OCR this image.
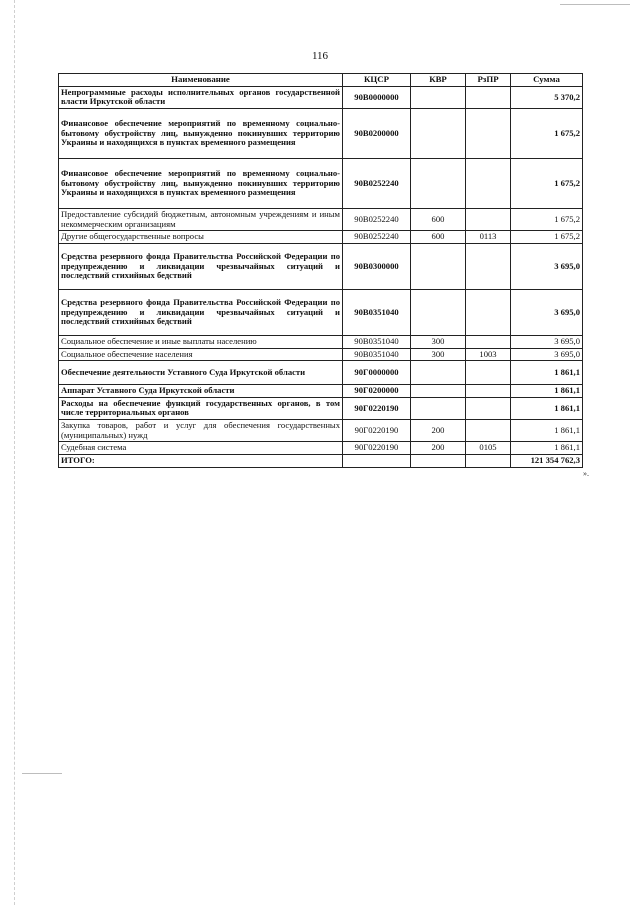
116
Наименование	КЦСР	КВР	РзПР	Сумма
Непрограммные расходы исполнительных органов государственной власти Иркутской области	90В0000000			5 370,2
Финансовое обеспечение мероприятий по временному социально-бытовому обустройству лиц, вынужденно покинувших территорию Украины и находящихся в пунктах временного размещения	90В0200000			1 675,2
Финансовое обеспечение мероприятий по временному социально-бытовому обустройству лиц, вынужденно покинувших территорию Украины и находящихся в пунктах временного размещения	90В0252240			1 675,2
Предоставление субсидий бюджетным, автономным учреждениям и иным некоммерческим организациям	90В0252240	600		1 675,2
Другие общегосударственные вопросы	90В0252240	600	0113	1 675,2
Средства резервного фонда Правительства Российской Федерации по предупреждению и ликвидации чрезвычайных ситуаций и последствий стихийных бедствий	90В0300000			3 695,0
Средства резервного фонда Правительства Российской Федерации по предупреждению и ликвидации чрезвычайных ситуаций и последствий стихийных бедствий	90В0351040			3 695,0
Социальное обеспечение и иные выплаты населению	90В0351040	300		3 695,0
Социальное обеспечение населения	90В0351040	300	1003	3 695,0
Обеспечение деятельности Уставного Суда Иркутской области	90Г0000000			1 861,1
Аппарат Уставного Суда Иркутской области	90Г0200000			1 861,1
Расходы на обеспечение функций государственных органов, в том числе территориальных органов	90Г0220190			1 861,1
Закупка товаров, работ и услуг для обеспечения государственных (муниципальных) нужд	90Г0220190	200		1 861,1
Судебная система	90Г0220190	200	0105	1 861,1
ИТОГО:				121 354 762,3
».
